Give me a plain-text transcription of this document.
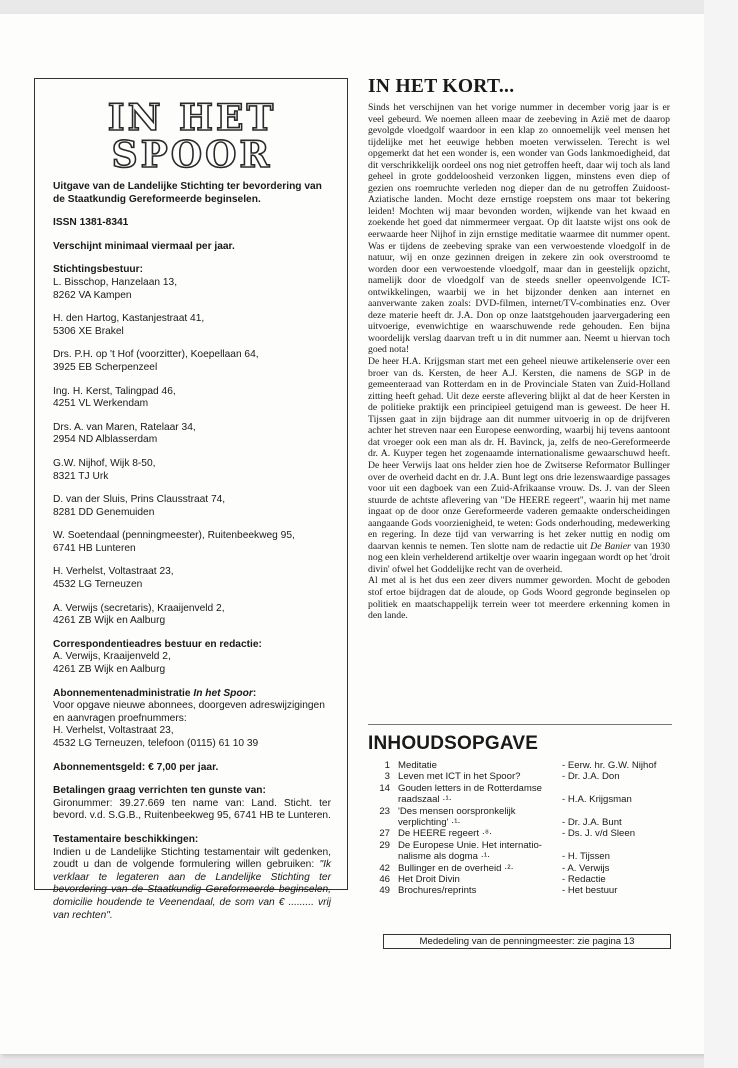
IN HET
SPOOR

Uitgave van de Landelijke Stichting ter bevordering van de Staatkundig Gereformeerde beginselen.

ISSN 1381-8341

Verschijnt minimaal viermaal per jaar.

Stichtingsbestuur:

L. Bisschop, Hanzelaan 13,
8262 VA Kampen

H. den Hartog, Kastanjestraat 41,
5306 XE Brakel

Drs. P.H. op 't Hof (voorzitter), Koepellaan 64,
3925 EB Scherpenzeel

Ing. H. Kerst, Talingpad 46,
4251 VL Werkendam

Drs. A. van Maren, Ratelaar 34,
2954 ND Alblasserdam

G.W. Nijhof, Wijk 8-50,
8321 TJ Urk

D. van der Sluis, Prins Clausstraat 74,
8281 DD Genemuiden

W. Soetendaal (penningmeester), Ruitenbeekweg 95,
6741 HB Lunteren

H. Verhelst, Voltastraat 23,
4532 LG Terneuzen

A. Verwijs (secretaris), Kraaijenveld 2,
4261 ZB Wijk en Aalburg

Correspondentieadres bestuur en redactie:
A. Verwijs, Kraaijenveld 2,
4261 ZB Wijk en Aalburg

Abonnementenadministratie In het Spoor:
Voor opgave nieuwe abonnees, doorgeven adreswijzigingen en aanvragen proefnummers:
H. Verhelst, Voltastraat 23,
4532 LG Terneuzen, telefoon (0115) 61 10 39

Abonnementsgeld: € 7,00 per jaar.

Betalingen graag verrichten ten gunste van:
Gironummer: 39.27.669 ten name van: Land. Sticht. ter bevord. v.d. S.G.B., Ruitenbeekweg 95, 6741 HB te Lunteren.

Testamentaire beschikkingen:
Indien u de Landelijke Stichting testamentair wilt gedenken, zoudt u dan de volgende formulering willen gebruiken: "Ik verklaar te legateren aan de Landelijke Stichting ter bevordering van de Staatkundig Gereformeerde beginselen, domicilie houdende te Veenendaal, de som van € ......... vrij van rechten".

IN HET KORT...

Sinds het verschijnen van het vorige nummer in december vorig jaar is er veel gebeurd. We noemen alleen maar de zeebeving in Azië met de daarop gevolgde vloedgolf waardoor in een klap zo onnoemelijk veel mensen het tijdelijke met het eeuwige hebben moeten verwisselen. Terecht is wel opgemerkt dat het een wonder is, een wonder van Gods lankmoedigheid, dat dit verschrikkelijk oordeel ons nog niet getroffen heeft, daar wij toch als land geheel in grote goddeloosheid verzonken liggen, minstens even diep of gezien ons roemruchte verleden nog dieper dan de nu getroffen Zuidoost-Aziatische landen. Mocht deze ernstige roepstem ons maar tot bekering leiden! Mochten wij maar bevonden worden, wijkende van het kwaad en zoekende het goed dat nimmermeer vergaat. Op dit laatste wijst ons ook de eerwaarde heer Nijhof in zijn ernstige meditatie waarmee dit nummer opent. Was er tijdens de zeebeving sprake van een verwoestende vloedgolf in de natuur, wij en onze gezinnen dreigen in zekere zin ook overstroomd te worden door een verwoestende vloedgolf, maar dan in geestelijk opzicht, namelijk door de vloedgolf van de steeds sneller opeenvolgende ICT-ontwikkelingen, waarbij we in het bijzonder denken aan internet en aanverwante zaken zoals: DVD-filmen, internet/TV-combinaties enz. Over deze materie heeft dr. J.A. Don op onze laatstgehouden jaarvergadering een uitvoerige, evenwichtige en waarschuwende rede gehouden. Een bijna woordelijk verslag daarvan treft u in dit nummer aan. Neemt u hiervan toch goed nota!

De heer H.A. Krijgsman start met een geheel nieuwe artikelenserie over een broer van ds. Kersten, de heer A.J. Kersten, die namens de SGP in de gemeenteraad van Rotterdam en in de Provinciale Staten van Zuid-Holland zitting heeft gehad. Uit deze eerste aflevering blijkt al dat de heer Kersten in de politieke praktijk een principieel getuigend man is geweest. De heer H. Tijssen gaat in zijn bijdrage aan dit nummer uitvoerig in op de drijfveren achter het streven naar een Europese eenwording, waarbij hij tevens aantoont dat vroeger ook een man als dr. H. Bavinck, ja, zelfs de neo-Gereformeerde dr. A. Kuyper tegen het zogenaamde internationalisme gewaarschuwd heeft. De heer Verwijs laat ons helder zien hoe de Zwitserse Reformator Bullinger over de overheid dacht en dr. J.A. Bunt legt ons drie lezenswaardige passages voor uit een dagboek van een Zuid-Afrikaanse vrouw. Ds. J. van der Sleen stuurde de achtste aflevering van "De HEERE regeert", waarin hij met name ingaat op de door onze Gereformeerde vaderen gemaakte onderscheidingen aangaande Gods voorzienigheid, te weten: Gods onderhouding, medewerking en regering. In deze tijd van verwarring is het zeker nuttig en nodig om daarvan kennis te nemen. Ten slotte nam de redactie uit De Banier van 1930 nog een klein verhelderend artikeltje over waarin ingegaan wordt op het 'droit divin' ofwel het Goddelijke recht van de overheid.

Al met al is het dus een zeer divers nummer geworden. Mocht de geboden stof ertoe bijdragen dat de aloude, op Gods Woord gegronde beginselen op politiek en maatschappelijk terrein weer tot meerdere erkenning komen in den lande.

INHOUDSOPGAVE
1 Meditatie	- Eerw. hr. G.W. Nijhof
3 Leven met ICT in het Spoor?	- Dr. J.A. Don
14 Gouden letters in de Rotterdamse
raadszaal ·¹·	- H.A. Krijgsman
23 'Des mensen oorspronkelijk
verplichting' ·¹·	- Dr. J.A. Bunt
27 De HEERE regeert ·⁸·	- Ds. J. v/d Sleen
29 De Europese Unie. Het internatio-
nalisme als dogma ·¹·	- H. Tijssen
42 Bullinger en de overheid ·²·	- A. Verwijs
46 Het Droit Divin	- Redactie
49 Brochures/reprints	- Het bestuur
Mededeling van de penningmeester: zie pagina 13
